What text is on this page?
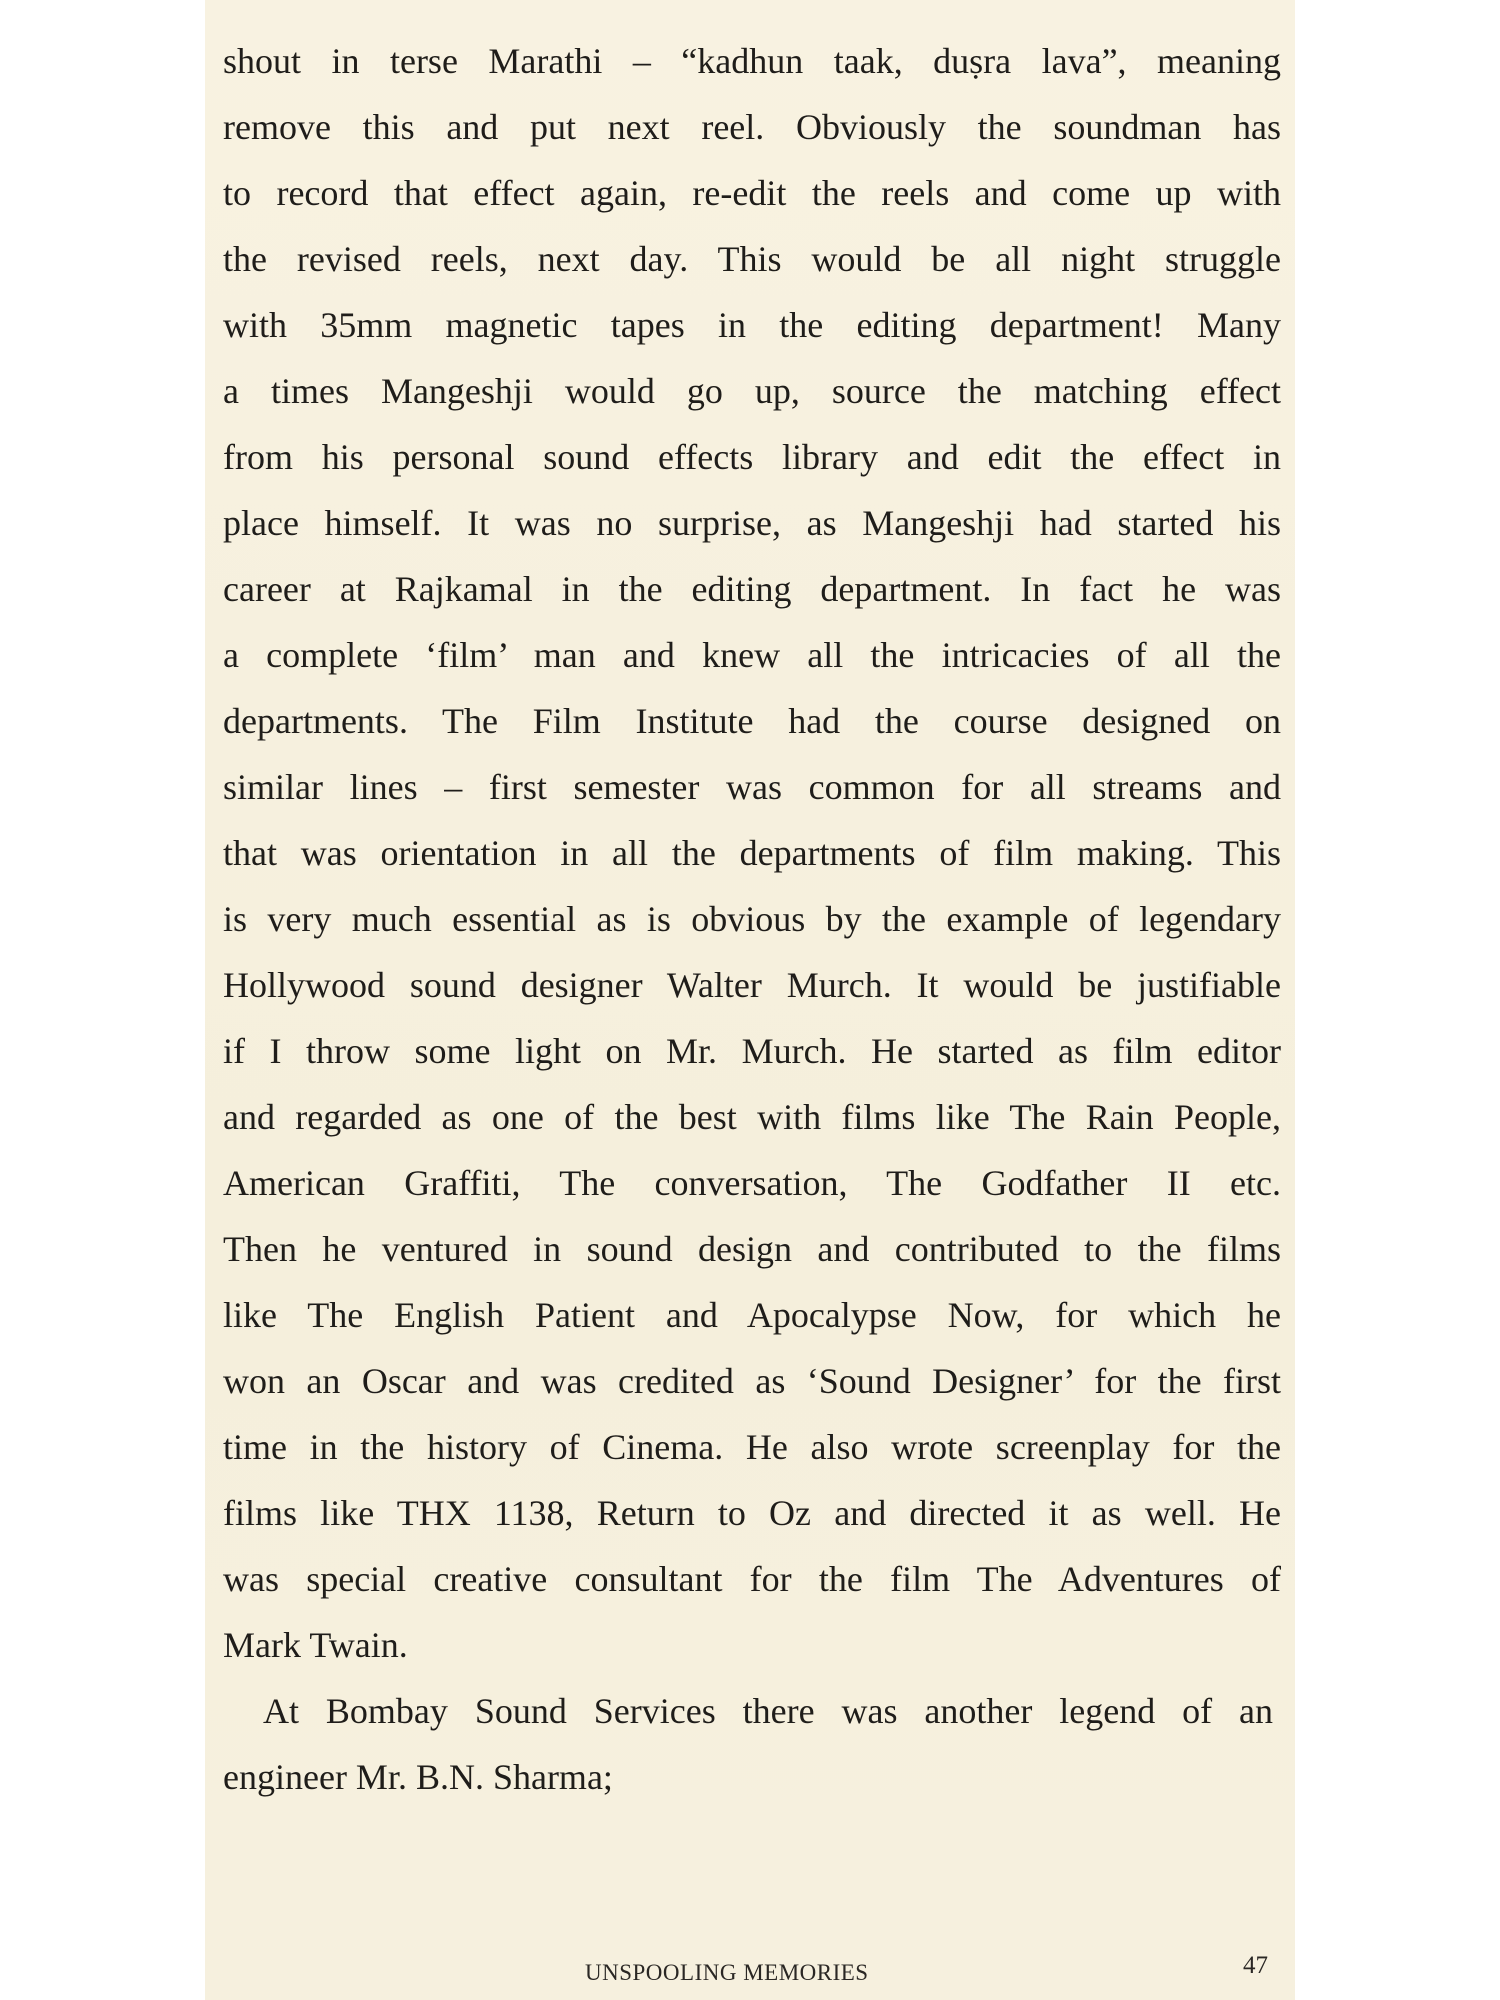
shout in terse Marathi – “kadhun taak, duṣra lava”, meaning
remove this and put next reel. Obviously the soundman has
to record that effect again, re-edit the reels and come up with
the revised reels, next day. This would be all night struggle
with 35mm magnetic tapes in the editing department! Many
a times Mangeshji would go up, source the matching effect
from his personal sound effects library and edit the effect in
place himself. It was no surprise, as Mangeshji had started his
career at Rajkamal in the editing department. In fact he was
a complete ‘film’ man and knew all the intricacies of all the
departments. The Film Institute had the course designed on
similar lines – first semester was common for all streams and
that was orientation in all the departments of film making. This
is very much essential as is obvious by the example of legendary
Hollywood sound designer Walter Murch. It would be justifiable
if I throw some light on Mr. Murch. He started as film editor
and regarded as one of the best with films like The Rain People,
American Graffiti, The conversation, The Godfather II etc.
Then he ventured in sound design and contributed to the films
like The English Patient and Apocalypse Now, for which he
won an Oscar and was credited as ‘Sound Designer’ for the first
time in the history of Cinema. He also wrote screenplay for the
films like THX 1138, Return to Oz and directed it as well. He
was special creative consultant for the film The Adventures of
Mark Twain.
At Bombay Sound Services there was another legend of an
engineer Mr. B.N. Sharma;
UNSPOOLING MEMORIES	47
